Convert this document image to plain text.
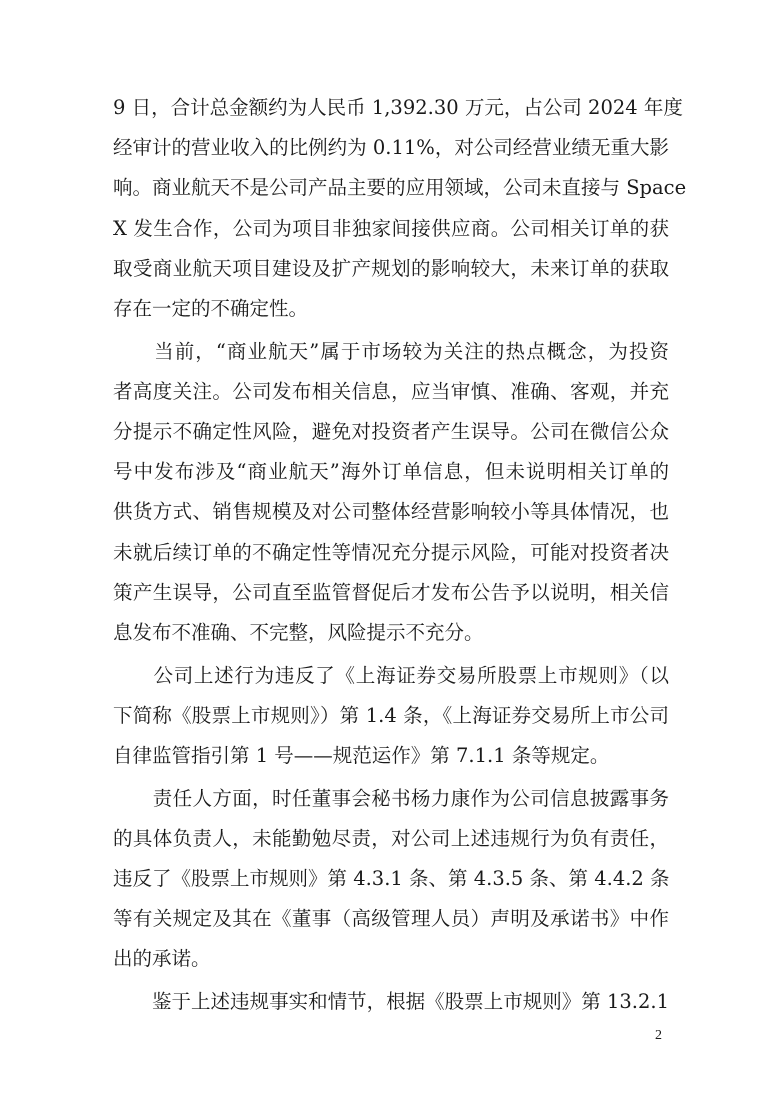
9 日，合计总金额约为人民币 1,392.30 万元，占公司 2024 年度
经审计的营业收入的比例约为 0.11%，对公司经营业绩无重大影
响。商业航天不是公司产品主要的应用领域，公司未直接与 Space
X 发生合作，公司为项目非独家间接供应商。公司相关订单的获
取受商业航天项目建设及扩产规划的影响较大，未来订单的获取
存在一定的不确定性。
　　当前，“商业航天”属于市场较为关注的热点概念，为投资
者高度关注。公司发布相关信息，应当审慎、准确、客观，并充
分提示不确定性风险，避免对投资者产生误导。公司在微信公众
号中发布涉及“商业航天”海外订单信息，但未说明相关订单的
供货方式、销售规模及对公司整体经营影响较小等具体情况，也
未就后续订单的不确定性等情况充分提示风险，可能对投资者决
策产生误导，公司直至监管督促后才发布公告予以说明，相关信
息发布不准确、不完整，风险提示不充分。
　　公司上述行为违反了《上海证券交易所股票上市规则》（以
下简称《股票上市规则》）第 1.4 条，《上海证券交易所上市公司
自律监管指引第 1 号——规范运作》第 7.1.1 条等规定。
　　责任人方面，时任董事会秘书杨力康作为公司信息披露事务
的具体负责人，未能勤勉尽责，对公司上述违规行为负有责任，
违反了《股票上市规则》第 4.3.1 条、第 4.3.5 条、第 4.4.2 条
等有关规定及其在《董事（高级管理人员）声明及承诺书》中作
出的承诺。
　　鉴于上述违规事实和情节，根据《股票上市规则》第 13.2.1
2
